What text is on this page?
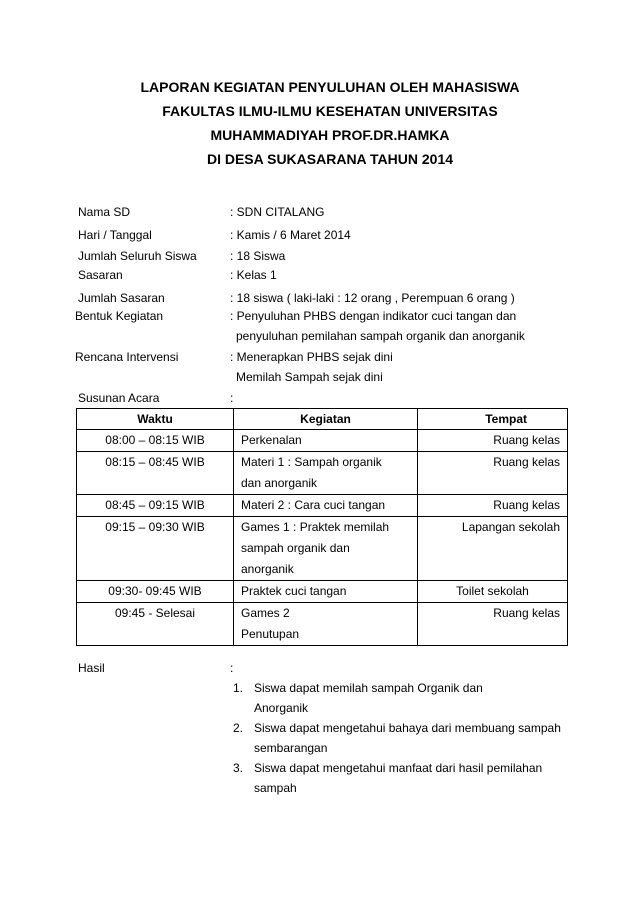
LAPORAN KEGIATAN PENYULUHAN OLEH MAHASISWA
FAKULTAS ILMU-ILMU KESEHATAN UNIVERSITAS
MUHAMMADIYAH PROF.DR.HAMKA
DI DESA SUKASARANA TAHUN 2014
Nama SD	: SDN CITALANG
Hari / Tanggal	: Kamis / 6 Maret 2014
Jumlah Seluruh Siswa	: 18 Siswa
Sasaran	: Kelas 1
Jumlah Sasaran	: 18 siswa ( laki-laki : 12 orang , Perempuan 6 orang )
Bentuk Kegiatan	: Penyuluhan PHBS dengan indikator cuci tangan dan
penyuluhan pemilahan sampah organik dan anorganik
Rencana Intervensi	: Menerapkan PHBS sejak dini
Memilah Sampah sejak dini
Susunan Acara	:
Waktu	Kegiatan	Tempat

08:00 – 08:15 WIB	Perkenalan	Ruang kelas

08:15 – 08:45 WIB	Materi 1 : Sampah organik
dan anorganik	Ruang kelas

08:45 – 09:15 WIB	Materi 2 : Cara cuci tangan	Ruang kelas

09:15 – 09:30 WIB	Games 1 : Praktek memilah
sampah organik dan
anorganik	Lapangan sekolah

09:30- 09:45 WIB	Praktek cuci tangan	Toilet sekolah

09:45 - Selesai	Games 2
Penutupan	Ruang kelas
Hasil	:
1. Siswa dapat memilah sampah Organik dan
Anorganik
2. Siswa dapat mengetahui bahaya dari membuang sampah
sembarangan
3. Siswa dapat mengetahui manfaat dari hasil pemilahan
sampah
